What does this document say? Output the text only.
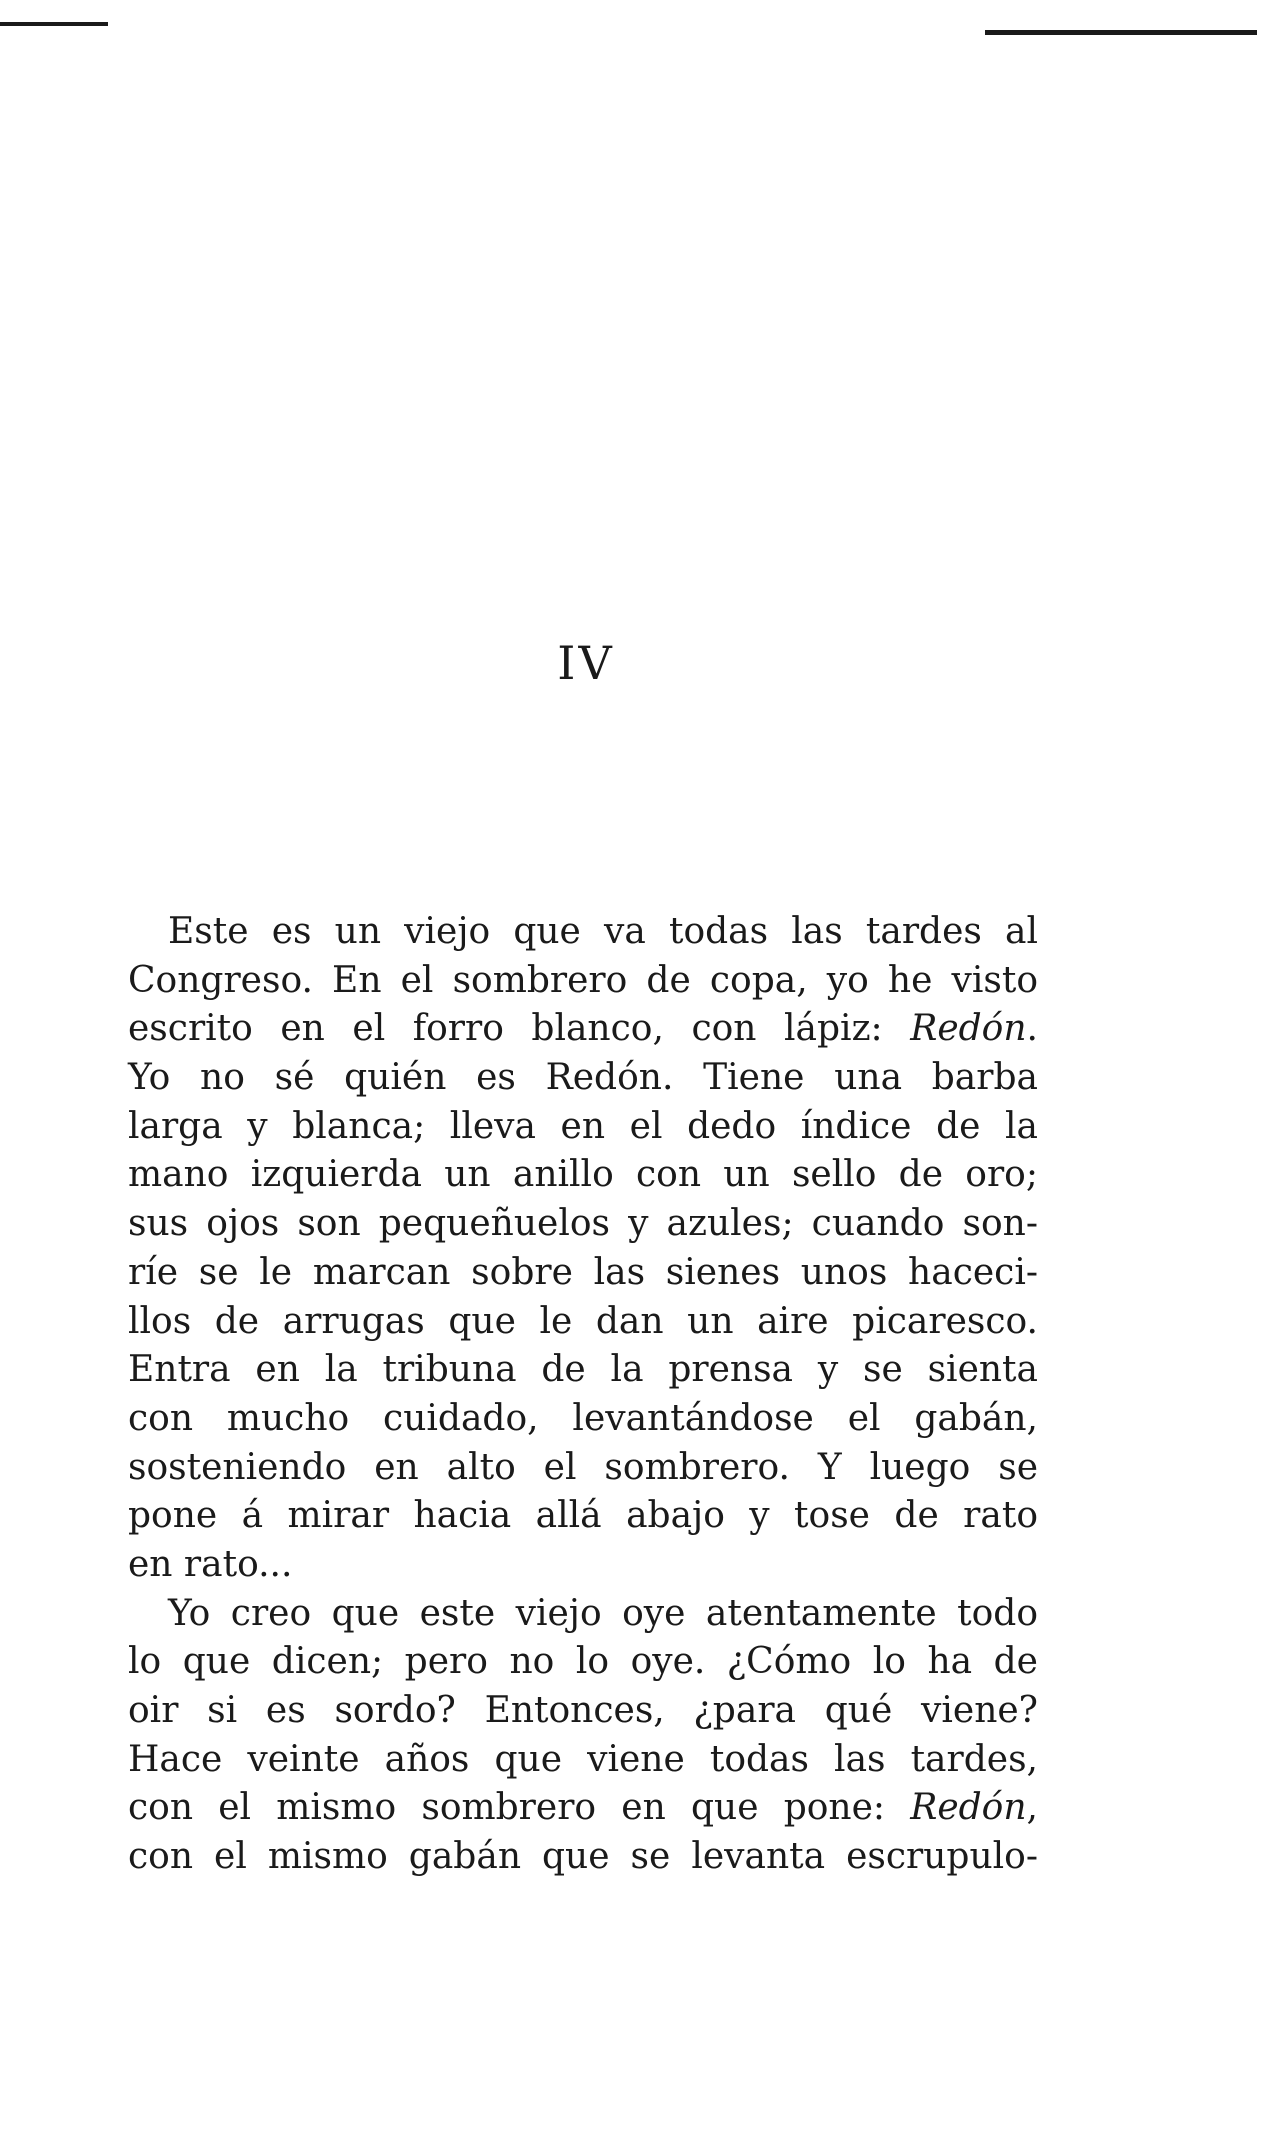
IV
Este es un viejo que va todas las tardes al
Congreso. En el sombrero de copa, yo he visto
escrito en el forro blanco, con lápiz: Redón.
Yo no sé quién es Redón. Tiene una barba
larga y blanca; lleva en el dedo índice de la
mano izquierda un anillo con un sello de oro;
sus ojos son pequeñuelos y azules; cuando son-
ríe se le marcan sobre las sienes unos haceci-
llos de arrugas que le dan un aire picaresco.
Entra en la tribuna de la prensa y se sienta
con mucho cuidado, levantándose el gabán,
sosteniendo en alto el sombrero. Y luego se
pone á mirar hacia allá abajo y tose de rato
en rato...
Yo creo que este viejo oye atentamente todo
lo que dicen; pero no lo oye. ¿Cómo lo ha de
oir si es sordo? Entonces, ¿para qué viene?
Hace veinte años que viene todas las tardes,
con el mismo sombrero en que pone: Redón,
con el mismo gabán que se levanta escrupulo-
